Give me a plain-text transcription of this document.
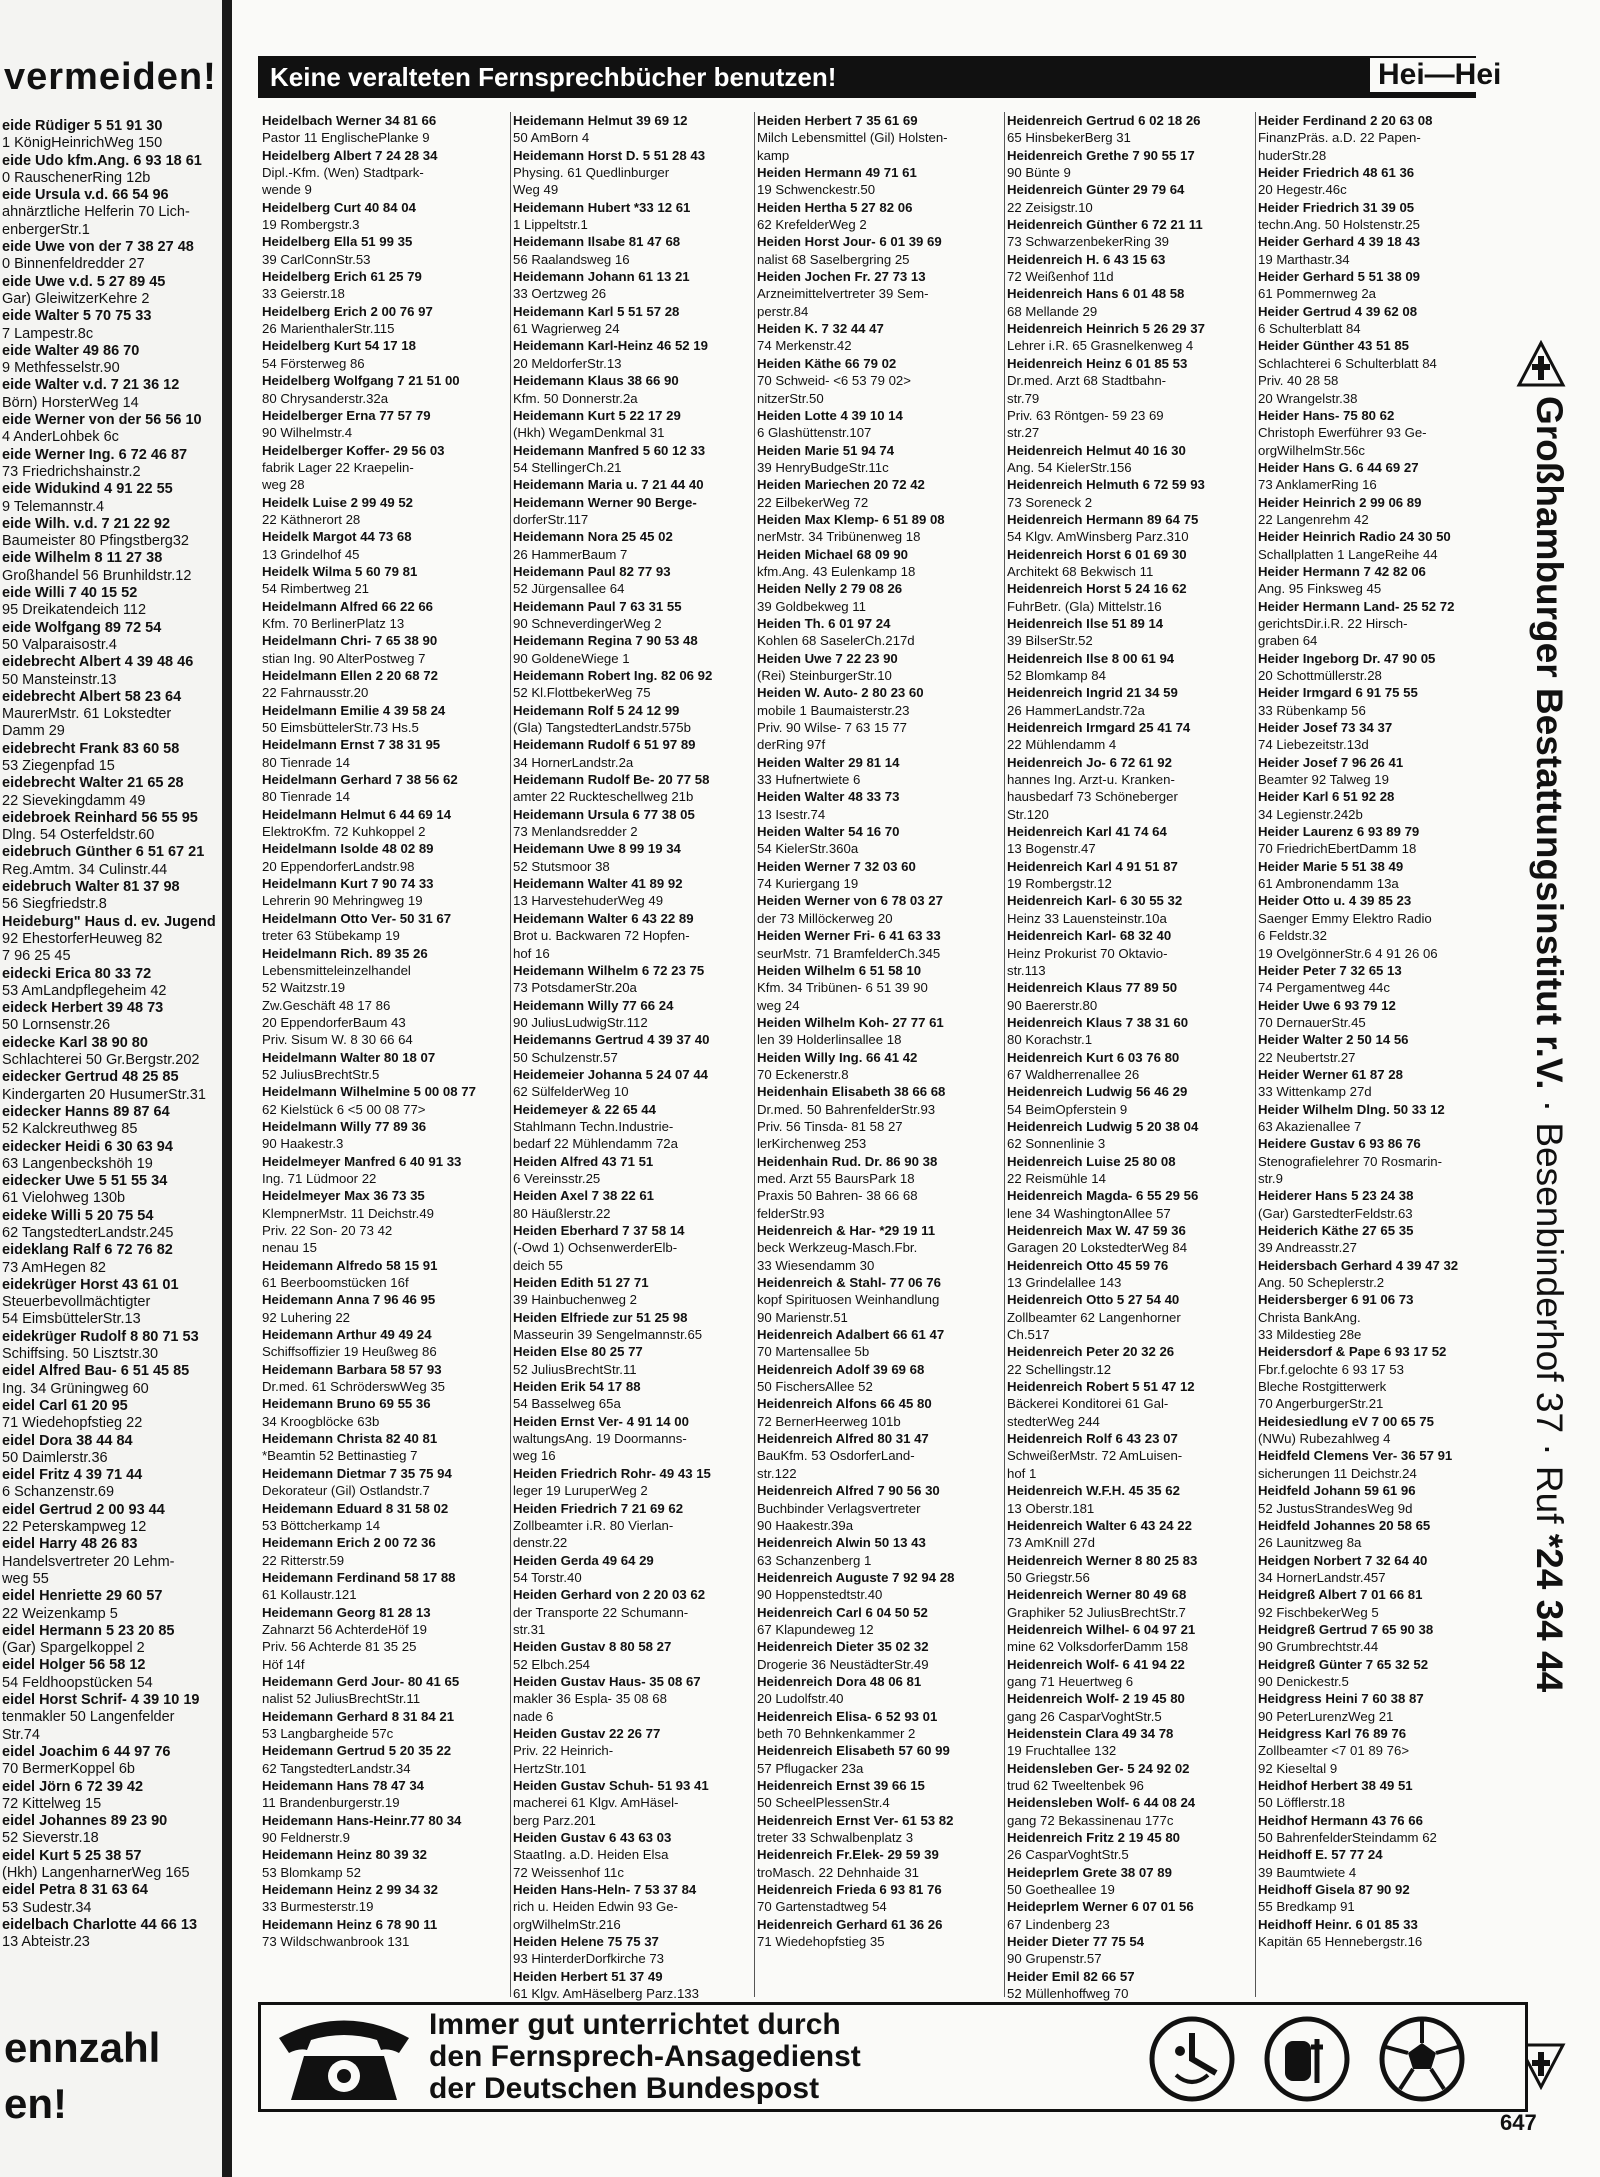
vermeiden!
eide Rüdiger 5 51 91 30
1 KönigHeinrichWeg 150
eide Udo kfm.Ang. 6 93 18 61
0 RauschenerRing 12b
eide Ursula v.d. 66 54 96
ahnärztliche Helferin 70 Lich-
enbergerStr.1
eide Uwe von der 7 38 27 48
0 Binnenfeldredder 27
eide Uwe v.d. 5 27 89 45
Gar) GleiwitzerKehre 2
eide Walter 5 70 75 33
7 Lampestr.8c
eide Walter 49 86 70
9 Methfesselstr.90
eide Walter v.d. 7 21 36 12
Börn) HorsterWeg 14
eide Werner von der 56 56 10
4 AnderLohbek 6c
eide Werner Ing. 6 72 46 87
73 Friedrichshainstr.2
eide Widukind 4 91 22 55
9 Telemannstr.4
eide Wilh. v.d. 7 21 22 92
Baumeister 80 Pfingstberg32
eide Wilhelm 8 11 27 38
Großhandel 56 Brunhildstr.12
eide Willi 7 40 15 52
95 Dreikatendeich 112
eide Wolfgang 89 72 54
50 Valparaisostr.4
eidebrecht Albert 4 39 48 46
50 Mansteinstr.13
eidebrecht Albert 58 23 64
MaurerMstr. 61 Lokstedter
Damm 29
eidebrecht Frank 83 60 58
53 Ziegenpfad 15
eidebrecht Walter 21 65 28
22 Sievekingdamm 49
eidebroek Reinhard 56 55 95
Dlng. 54 Osterfeldstr.60
eidebruch Günther 6 51 67 21
Reg.Amtm. 34 Culinstr.44
eidebruch Walter 81 37 98
56 Siegfriedstr.8
Heideburg" Haus d. ev. Jugend
92 EhestorferHeuweg 82
7 96 25 45
eidecki Erica 80 33 72
53 AmLandpflegeheim 42
eideck Herbert 39 48 73
50 Lornsenstr.26
eidecke Karl 38 90 80
Schlachterei 50 Gr.Bergstr.202
eidecker Gertrud 48 25 85
Kindergarten 20 HusumerStr.31
eidecker Hanns 89 87 64
52 Kalckreuthweg 85
eidecker Heidi 6 30 63 94
63 Langenbeckshöh 19
eidecker Uwe 5 51 55 34
61 Vielohweg 130b
eideke Willi 5 20 75 54
62 TangstedterLandstr.245
eideklang Ralf 6 72 76 82
73 AmHegen 82
eidekrüger Horst 43 61 01
Steuerbevollmächtigter
54 EimsbüttelerStr.13
eidekrüger Rudolf 8 80 71 53
Schiffsing. 50 Lisztstr.30
eidel Alfred Bau- 6 51 45 85
Ing. 34 Grüningweg 60
eidel Carl 61 20 95
71 Wiedehopfstieg 22
eidel Dora 38 44 84
50 Daimlerstr.36
eidel Fritz 4 39 71 44
6 Schanzenstr.69
eidel Gertrud 2 00 93 44
22 Peterskampweg 12
eidel Harry 48 26 83
Handelsvertreter 20 Lehm-
weg 55
eidel Henriette 29 60 57
22 Weizenkamp 5
eidel Hermann 5 23 20 85
(Gar) Spargelkoppel 2
eidel Holger 56 58 12
54 Feldhoopstücken 54
eidel Horst Schrif- 4 39 10 19
tenmakler 50 Langenfelder
Str.74
eidel Joachim 6 44 97 76
70 BermerKoppel 6b
eidel Jörn 6 72 39 42
72 Kittelweg 15
eidel Johannes 89 23 90
52 Sieverstr.18
eidel Kurt 5 25 38 57
(Hkh) LangenharnerWeg 165
eidel Petra 8 31 63 64
53 Sudestr.34
eidelbach Charlotte 44 66 13
13 Abteistr.23
ennzahl
en!
Keine veralteten Fernsprechbücher benutzen!	Hei—Hei
Heidelbach Werner 34 81 66
Pastor 11 EnglischePlanke 9
Heidelberg Albert 7 24 28 34
Dipl.-Kfm. (Wen) Stadtpark-
wende 9
Heidelberg Curt 40 84 04
19 Rombergstr.3
Heidelberg Ella 51 99 35
39 CarlConnStr.53
Heidelberg Erich 61 25 79
33 Geierstr.18
Heidelberg Erich 2 00 76 97
26 MarienthalerStr.115
Heidelberg Kurt 54 17 18
54 Försterweg 86
Heidelberg Wolfgang 7 21 51 00
80 Chrysanderstr.32a
Heidelberger Erna 77 57 79
90 Wilhelmstr.4
Heidelberger Koffer- 29 56 03
fabrik Lager 22 Kraepelin-
weg 28
Heidelk Luise 2 99 49 52
22 Käthnerort 28
Heidelk Margot 44 73 68
13 Grindelhof 45
Heidelk Wilma 5 60 79 81
54 Rimbertweg 21
Heidelmann Alfred 66 22 66
Kfm. 70 BerlinerPlatz 13
Heidelmann Chri- 7 65 38 90
stian Ing. 90 AlterPostweg 7
Heidelmann Ellen 2 20 68 72
22 Fahrnausstr.20
Heidelmann Emilie 4 39 58 24
50 EimsbüttelerStr.73 Hs.5
Heidelmann Ernst 7 38 31 95
80 Tienrade 14
Heidelmann Gerhard 7 38 56 62
80 Tienrade 14
Heidelmann Helmut 6 44 69 14
ElektroKfm. 72 Kuhkoppel 2
Heidelmann Isolde 48 02 89
20 EppendorferLandstr.98
Heidelmann Kurt 7 90 74 33
Lehrerin 90 Mehringweg 19
Heidelmann Otto Ver- 50 31 67
treter 63 Stübekamp 19
Heidelmann Rich. 89 35 26
Lebensmitteleinzelhandel
52 Waitzstr.19
Zw.Geschäft 48 17 86
20 EppendorferBaum 43
Priv. Sisum W. 8 30 66 64
Heidelmann Walter 80 18 07
52 JuliusBrechtStr.5
Heidelmann Wilhelmine 5 00 08 77
62 Kielstück 6 <5 00 08 77>
Heidelmann Willy 77 89 36
90 Haakestr.3
Heidelmeyer Manfred 6 40 91 33
Ing. 71 Lüdmoor 22
Heidelmeyer Max 36 73 35
KlempnerMstr. 11 Deichstr.49
Priv. 22 Son- 20 73 42
nenau 15
Heidemann Alfredo 58 15 91
61 Beerboomstücken 16f
Heidemann Anna 7 96 46 95
92 Luhering 22
Heidemann Arthur 49 49 24
Schiffsoffizier 19 Heußweg 86
Heidemann Barbara 58 57 93
Dr.med. 61 SchröderswWeg 35
Heidemann Bruno 69 55 36
34 Kroogblöcke 63b
Heidemann Christa 82 40 81
*Beamtin 52 Bettinastieg 7
Heidemann Dietmar 7 35 75 94
Dekorateur (Gil) Ostlandstr.7
Heidemann Eduard 8 31 58 02
53 Böttcherkamp 14
Heidemann Erich 2 00 72 36
22 Ritterstr.59
Heidemann Ferdinand 58 17 88
61 Kollaustr.121
Heidemann Georg 81 28 13
Zahnarzt 56 AchterdeHöf 19
Priv. 56 Achterde 81 35 25
Höf 14f
Heidemann Gerd Jour- 80 41 65
nalist 52 JuliusBrechtStr.11
Heidemann Gerhard 8 31 84 21
53 Langbargheide 57c
Heidemann Gertrud 5 20 35 22
62 TangstedterLandstr.34
Heidemann Hans 78 47 34
11 Brandenburgerstr.19
Heidemann Hans-Heinr.77 80 34
90 Feldnerstr.9
Heidemann Heinz 80 39 32
53 Blomkamp 52
Heidemann Heinz 2 99 34 32
33 Burmesterstr.19
Heidemann Heinz 6 78 90 11
73 Wildschwanbrook 131
Heidemann Helmut 39 69 12
50 AmBorn 4
Heidemann Horst D. 5 51 28 43
Physing. 61 Quedlinburger
Weg 49
Heidemann Hubert *33 12 61
1 Lippeltstr.1
Heidemann Ilsabe 81 47 68
56 Raalandsweg 16
Heidemann Johann 61 13 21
33 Oertzweg 26
Heidemann Karl 5 51 57 28
61 Wagrierweg 24
Heidemann Karl-Heinz 46 52 19
20 MeldorferStr.13
Heidemann Klaus 38 66 90
Kfm. 50 Donnerstr.2a
Heidemann Kurt 5 22 17 29
(Hkh) WegamDenkmal 31
Heidemann Manfred 5 60 12 33
54 StellingerCh.21
Heidemann Maria u. 7 21 44 40
Heidemann Werner 90 Berge-
dorferStr.117
Heidemann Nora 25 45 02
26 HammerBaum 7
Heidemann Paul 82 77 93
52 Jürgensallee 64
Heidemann Paul 7 63 31 55
90 SchneverdingerWeg 2
Heidemann Regina 7 90 53 48
90 GoldeneWiege 1
Heidemann Robert Ing. 82 06 92
52 Kl.FlottbekerWeg 75
Heidemann Rolf 5 24 12 99
(Gla) TangstedterLandstr.575b
Heidemann Rudolf 6 51 97 89
34 HornerLandstr.2a
Heidemann Rudolf Be- 20 77 58
amter 22 Ruckteschellweg 21b
Heidemann Ursula 6 77 38 05
73 Menlandsredder 2
Heidemann Uwe 8 99 19 34
52 Stutsmoor 38
Heidemann Walter 41 89 92
13 HarvestehuderWeg 49
Heidemann Walter 6 43 22 89
Brot u. Backwaren 72 Hopfen-
hof 16
Heidemann Wilhelm 6 72 23 75
73 PotsdamerStr.20a
Heidemann Willy 77 66 24
90 JuliusLudwigStr.112
Heidemanns Gertrud 4 39 37 40
50 Schulzenstr.57
Heidemeier Johanna 5 24 07 44
62 SülfelderWeg 10
Heidemeyer & 22 65 44
Stahlmann Techn.Industrie-
bedarf 22 Mühlendamm 72a
Heiden Alfred 43 71 51
6 Vereinsstr.25
Heiden Axel 7 38 22 61
80 Häußlerstr.22
Heiden Eberhard 7 37 58 14
(-Owd 1) OchsenwerderElb-
deich 55
Heiden Edith 51 27 71
39 Hainbuchenweg 2
Heiden Elfriede zur 51 25 98
Masseurin 39 Sengelmannstr.65
Heiden Else 80 25 77
52 JuliusBrechtStr.11
Heiden Erik 54 17 88
54 Basselweg 65a
Heiden Ernst Ver- 4 91 14 00
waltungsAng. 19 Doormanns-
weg 16
Heiden Friedrich Rohr- 49 43 15
leger 19 LuruperWeg 2
Heiden Friedrich 7 21 69 62
Zollbeamter i.R. 80 Vierlan-
denstr.22
Heiden Gerda 49 64 29
54 Torstr.40
Heiden Gerhard von 2 20 03 62
der Transporte 22 Schumann-
str.31
Heiden Gustav 8 80 58 27
52 Elbch.254
Heiden Gustav Haus- 35 08 67
makler 36 Espla- 35 08 68
nade 6
Heiden Gustav 22 26 77
Priv. 22 Heinrich-
HertzStr.101
Heiden Gustav Schuh- 51 93 41
macherei 61 Klgv. AmHäsel-
berg Parz.201
Heiden Gustav 6 43 63 03
StaatIng. a.D. Heiden Elsa
72 Weissenhof 11c
Heiden Hans-Heln- 7 53 37 84
rich u. Heiden Edwin 93 Ge-
orgWilhelmStr.216
Heiden Helene 75 75 37
93 HinterderDorfkirche 73
Heiden Herbert 51 37 49
61 Klgv. AmHäselberg Parz.133
Heiden Herbert 7 35 61 69
Milch Lebensmittel (Gil) Holsten-
kamp
Heiden Hermann 49 71 61
19 Schwenckestr.50
Heiden Hertha 5 27 82 06
62 KrefelderWeg 2
Heiden Horst Jour- 6 01 39 69
nalist 68 Saselbergring 25
Heiden Jochen Fr. 27 73 13
Arzneimittelvertreter 39 Sem-
perstr.84
Heiden K. 7 32 44 47
74 Merkenstr.42
Heiden Käthe 66 79 02
70 Schweid- <6 53 79 02>
nitzerStr.50
Heiden Lotte 4 39 10 14
6 Glashüttenstr.107
Heiden Marie 51 94 74
39 HenryBudgeStr.11c
Heiden Mariechen 20 72 42
22 EilbekerWeg 72
Heiden Max Klemp- 6 51 89 08
nerMstr. 34 Tribünenweg 18
Heiden Michael 68 09 90
kfm.Ang. 43 Eulenkamp 18
Heiden Nelly 2 79 08 26
39 Goldbekweg 11
Heiden Th. 6 01 97 24
Kohlen 68 SaselerCh.217d
Heiden Uwe 7 22 23 90
(Rei) SteinburgerStr.10
Heiden W. Auto- 2 80 23 60
mobile 1 Baumaisterstr.23
Priv. 90 Wilse- 7 63 15 77
derRing 97f
Heiden Walter 29 81 14
33 Hufnertwiete 6
Heiden Walter 48 33 73
13 Isestr.74
Heiden Walter 54 16 70
54 KielerStr.360a
Heiden Werner 7 32 03 60
74 Kuriergang 19
Heiden Werner von 6 78 03 27
der 73 Millöckerweg 20
Heiden Werner Fri- 6 41 63 33
seurMstr. 71 BramfelderCh.345
Heiden Wilhelm 6 51 58 10
Kfm. 34 Tribünen- 6 51 39 90
weg 24
Heiden Wilhelm Koh- 27 77 61
len 39 Holderlinsallee 18
Heiden Willy Ing. 66 41 42
70 Eckenerstr.8
Heidenhain Elisabeth 38 66 68
Dr.med. 50 BahrenfelderStr.93
Priv. 56 Tinsda- 81 58 27
lerKirchenweg 253
Heidenhain Rud. Dr. 86 90 38
med. Arzt 55 BaursPark 18
Praxis 50 Bahren- 38 66 68
felderStr.93
Heidenreich & Har- *29 19 11
beck Werkzeug-Masch.Fbr.
33 Wiesendamm 30
Heidenreich & Stahl- 77 06 76
kopf Spirituosen Weinhandlung
90 Marienstr.51
Heidenreich Adalbert 66 61 47
70 Martensallee 5b
Heidenreich Adolf 39 69 68
50 FischersAllee 52
Heidenreich Alfons 66 45 80
72 BernerHeerweg 101b
Heidenreich Alfred 80 31 47
BauKfm. 53 OsdorferLand-
str.122
Heidenreich Alfred 7 90 56 30
Buchbinder Verlagsvertreter
90 Haakestr.39a
Heidenreich Alwin 50 13 43
63 Schanzenberg 1
Heidenreich Auguste 7 92 94 28
90 Hoppenstedtstr.40
Heidenreich Carl 6 04 50 52
67 Klapundeweg 12
Heidenreich Dieter 35 02 32
Drogerie 36 NeustädterStr.49
Heidenreich Dora 48 06 81
20 Ludolfstr.40
Heidenreich Elisa- 6 52 93 01
beth 70 Behnkenkammer 2
Heidenreich Elisabeth 57 60 99
57 Pflugacker 23a
Heidenreich Ernst 39 66 15
50 ScheelPlessenStr.4
Heidenreich Ernst Ver- 61 53 82
treter 33 Schwalbenplatz 3
Heidenreich Fr.Elek- 29 59 39
troMasch. 22 Dehnhaide 31
Heidenreich Frieda 6 93 81 76
70 Gartenstadtweg 54
Heidenreich Gerhard 61 36 26
71 Wiedehopfstieg 35
Heidenreich Gertrud 6 02 18 26
65 HinsbekerBerg 31
Heidenreich Grethe 7 90 55 17
90 Bünte 9
Heidenreich Günter 29 79 64
22 Zeisigstr.10
Heidenreich Günther 6 72 21 11
73 SchwarzenbekerRing 39
Heidenreich H. 6 43 15 63
72 Weißenhof 11d
Heidenreich Hans 6 01 48 58
68 Mellande 29
Heidenreich Heinrich 5 26 29 37
Lehrer i.R. 65 Grasnelkenweg 4
Heidenreich Heinz 6 01 85 53
Dr.med. Arzt 68 Stadtbahn-
str.79
Priv. 63 Röntgen- 59 23 69
str.27
Heidenreich Helmut 40 16 30
Ang. 54 KielerStr.156
Heidenreich Helmuth 6 72 59 93
73 Soreneck 2
Heidenreich Hermann 89 64 75
54 Klgv. AmWinsberg Parz.310
Heidenreich Horst 6 01 69 30
Architekt 68 Bekwisch 11
Heidenreich Horst 5 24 16 62
FuhrBetr. (Gla) Mittelstr.16
Heidenreich Ilse 51 89 14
39 BilserStr.52
Heidenreich Ilse 8 00 61 94
52 Blomkamp 84
Heidenreich Ingrid 21 34 59
26 HammerLandstr.72a
Heidenreich Irmgard 25 41 74
22 Mühlendamm 4
Heidenreich Jo- 6 72 61 92
hannes Ing. Arzt-u. Kranken-
hausbedarf 73 Schöneberger
Str.120
Heidenreich Karl 41 74 64
13 Bogenstr.47
Heidenreich Karl 4 91 51 87
19 Rombergstr.12
Heidenreich Karl- 6 30 55 32
Heinz 33 Lauensteinstr.10a
Heidenreich Karl- 68 32 40
Heinz Prokurist 70 Oktavio-
str.113
Heidenreich Klaus 77 89 50
90 Baererstr.80
Heidenreich Klaus 7 38 31 60
80 Korachstr.1
Heidenreich Kurt 6 03 76 80
67 Waldherrenallee 26
Heidenreich Ludwig 56 46 29
54 BeimOpferstein 9
Heidenreich Ludwig 5 20 38 04
62 Sonnenlinie 3
Heidenreich Luise 25 80 08
22 Reismühle 14
Heidenreich Magda- 6 55 29 56
lene 34 WashingtonAllee 57
Heidenreich Max W. 47 59 36
Garagen 20 LokstedterWeg 84
Heidenreich Otto 45 59 76
13 Grindelallee 143
Heidenreich Otto 5 27 54 40
Zollbeamter 62 Langenhorner
Ch.517
Heidenreich Peter 20 32 26
22 Schellingstr.12
Heidenreich Robert 5 51 47 12
Bäckerei Konditorei 61 Gal-
stedterWeg 244
Heidenreich Rolf 6 43 23 07
SchweißerMstr. 72 AmLuisen-
hof 1
Heidenreich W.F.H. 45 35 62
13 Oberstr.181
Heidenreich Walter 6 43 24 22
73 AmKnill 27d
Heidenreich Werner 8 80 25 83
50 Griegstr.56
Heidenreich Werner 80 49 68
Graphiker 52 JuliusBrechtStr.7
Heidenreich Wilhel- 6 04 97 21
mine 62 VolksdorferDamm 158
Heidenreich Wolf- 6 41 94 22
gang 71 Heuertweg 6
Heidenreich Wolf- 2 19 45 80
gang 26 CasparVoghtStr.5
Heidenstein Clara 49 34 78
19 Fruchtallee 132
Heidensleben Ger- 5 24 92 02
trud 62 Tweeltenbek 96
Heidensleben Wolf- 6 44 08 24
gang 72 Bekassinenau 177c
Heidenreich Fritz 2 19 45 80
26 CasparVoghtStr.5
Heideprlem Grete 38 07 89
50 Goetheallee 19
Heideprlem Werner 6 07 01 56
67 Lindenberg 23
Heider Dieter 77 75 54
90 Grupenstr.57
Heider Emil 82 66 57
52 Müllenhoffweg 70
Heider Ferdinand 2 20 63 08
FinanzPräs. a.D. 22 Papen-
huderStr.28
Heider Friedrich 48 61 36
20 Hegestr.46c
Heider Friedrich 31 39 05
techn.Ang. 50 Holstenstr.25
Heider Gerhard 4 39 18 43
19 Marthastr.34
Heider Gerhard 5 51 38 09
61 Pommernweg 2a
Heider Gertrud 4 39 62 08
6 Schulterblatt 84
Heider Günther 43 51 85
Schlachterei 6 Schulterblatt 84
Priv. 40 28 58
20 Wrangelstr.38
Heider Hans- 75 80 62
Christoph Ewerführer 93 Ge-
orgWilhelmStr.56c
Heider Hans G. 6 44 69 27
73 AnklamerRing 16
Heider Heinrich 2 99 06 89
22 Langenrehm 42
Heider Heinrich Radio 24 30 50
Schallplatten 1 LangeReihe 44
Heider Hermann 7 42 82 06
Ang. 95 Finksweg 45
Heider Hermann Land- 25 52 72
gerichtsDir.i.R. 22 Hirsch-
graben 64
Heider Ingeborg Dr. 47 90 05
20 Schottmüllerstr.28
Heider Irmgard 6 91 75 55
33 Rübenkamp 56
Heider Josef 73 34 37
74 Liebezeitstr.13d
Heider Josef 7 96 26 41
Beamter 92 Talweg 19
Heider Karl 6 51 92 28
34 Legienstr.242b
Heider Laurenz 6 93 89 79
70 FriedrichEbertDamm 18
Heider Marie 5 51 38 49
61 Ambronendamm 13a
Heider Otto u. 4 39 85 23
Saenger Emmy Elektro Radio
6 Feldstr.32
19 OvelgönnerStr.6 4 91 26 06
Heider Peter 7 32 65 13
74 Pergamentweg 44c
Heider Uwe 6 93 79 12
70 DernauerStr.45
Heider Walter 2 50 14 56
22 Neubertstr.27
Heider Werner 61 87 28
33 Wittenkamp 27d
Heider Wilhelm Dlng. 50 33 12
63 Akazienallee 7
Heidere Gustav 6 93 86 76
Stenografielehrer 70 Rosmarin-
str.9
Heiderer Hans 5 23 24 38
(Gar) GarstedterFeldstr.63
Heiderich Käthe 27 65 35
39 Andreasstr.27
Heidersbach Gerhard 4 39 47 32
Ang. 50 Scheplerstr.2
Heidersberger 6 91 06 73
Christa BankAng.
33 Mildestieg 28e
Heidersdorf & Pape 6 93 17 52
Fbr.f.gelochte 6 93 17 53
Bleche Rostgitterwerk
70 AngerburgerStr.21
Heidesiedlung eV 7 00 65 75
(NWu) Rubezahlweg 4
Heidfeld Clemens Ver- 36 57 91
sicherungen 11 Deichstr.24
Heidfeld Johann 59 61 96
52 JustusStrandesWeg 9d
Heidfeld Johannes 20 58 65
26 Launitzweg 8a
Heidgen Norbert 7 32 64 40
34 HornerLandstr.457
Heidgreß Albert 7 01 66 81
92 FischbekerWeg 5
Heidgreß Gertrud 7 65 90 38
90 Grumbrechtstr.44
Heidgreß Günter 7 65 32 52
90 Denickestr.5
Heidgress Heini 7 60 38 87
90 PeterLurenzWeg 21
Heidgress Karl 76 89 76
Zollbeamter <7 01 89 76>
92 Kieseltal 9
Heidhof Herbert 38 49 51
50 Löfflerstr.18
Heidhof Hermann 43 76 66
50 BahrenfelderSteindamm 62
Heidhoff E. 57 77 24
39 Baumtwiete 4
Heidhoff Gisela 87 90 92
55 Bredkamp 91
Heidhoff Heinr. 6 01 85 33
Kapitän 65 Hennebergstr.16
Großhamburger Bestattungsinstitut r.V. · Besenbinderhof 37 · Ruf *24 34 44
Immer gut unterrichtet durch
den Fernsprech-Ansagedienst
der Deutschen Bundespost
647
